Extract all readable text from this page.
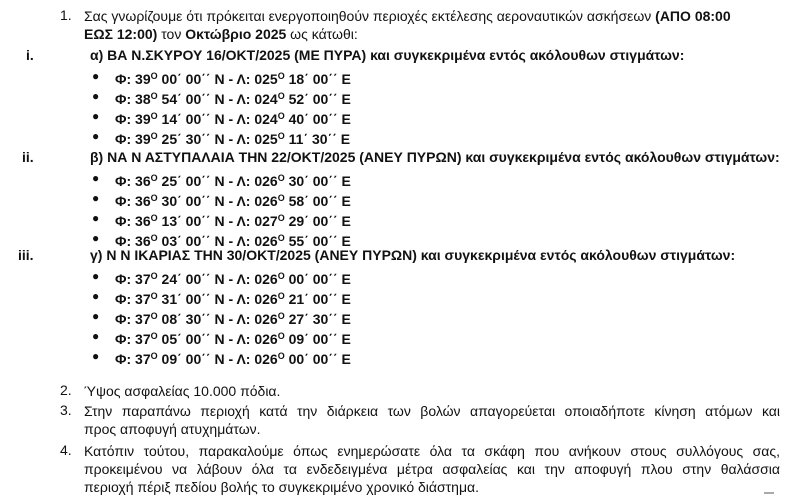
1. Σας γνωρίζουμε ότι πρόκειται ενεργοποιηθούν περιοχές εκτέλεσης αεροναυτικών ασκήσεων (ΑΠΟ 08:00
ΕΩΣ 12:00) τον Οκτώβριο 2025 ως κάτωθι:
i.	α) ΒΑ Ν.ΣΚΥΡΟΥ 16/ΟΚΤ/2025 (ΜΕ ΠΥΡΑ) και συγκεκριμένα εντός ακόλουθων στιγμάτων:
● Φ: $39^O$ 00΄ 00΄΄ Ν - Λ: $025^O$ 18΄ 00΄΄ Ε
● Φ: $38^O$ 54΄ 00΄΄ Ν - Λ: $024^O$ 52΄ 00΄΄ Ε
● Φ: $39^O$ 14΄ 00΄΄ Ν - Λ: $024^O$ 40΄ 00΄΄ Ε
● Φ: $39^O$ 25΄ 30΄΄ Ν - Λ: $025^O$ 11΄ 30΄΄ Ε
ii.	β) ΝΑ Ν ΑΣΤΥΠΑΛΑΙΑ ΤΗΝ 22/ΟΚΤ/2025 (ΑΝΕΥ ΠΥΡΩΝ) και συγκεκριμένα εντός ακόλουθων στιγμάτων:
● Φ: $36^O$ 25΄ 00΄΄ Ν - Λ: $026^O$ 30΄ 00΄΄ Ε
● Φ: $36^O$ 30΄ 00΄΄ Ν - Λ: $026^O$ 58΄ 00΄΄ Ε
● Φ: $36^O$ 13΄ 00΄΄ Ν - Λ: $027^O$ 29΄ 00΄΄ Ε
● Φ: $36^O$ 03΄ 00΄΄ Ν - Λ: $026^O$ 55΄ 00΄΄ Ε
iii.	γ) Ν Ν ΙΚΑΡΙΑΣ ΤΗΝ 30/ΟΚΤ/2025 (ΑΝΕΥ ΠΥΡΩΝ) και συγκεκριμένα εντός ακόλουθων στιγμάτων:
● Φ: $37^O$ 24΄ 00΄΄ Ν - Λ: $026^O$ 00΄ 00΄΄ Ε
● Φ: $37^O$ 31΄ 00΄΄ Ν - Λ: $026^O$ 21΄ 00΄΄ Ε
● Φ: $37^O$ 08΄ 30΄΄ Ν - Λ: $026^O$ 27΄ 30΄΄ Ε
● Φ: $37^O$ 05΄ 00΄΄ Ν - Λ: $026^O$ 09΄ 00΄΄ Ε
● Φ: $37^O$ 09΄ 00΄΄ Ν - Λ: $026^O$ 00΄ 00΄΄ Ε
2. Ύψος ασφαλείας 10.000 πόδια.
3. Στην παραπάνω περιοχή κατά την διάρκεια των βολών απαγορεύεται οποιαδήποτε κίνηση ατόμων και
προς αποφυγή ατυχημάτων.
4. Κατόπιν τούτου, παρακαλούμε όπως ενημερώσατε όλα τα σκάφη που ανήκουν στους συλλόγους σας,
προκειμένου να λάβουν όλα τα ενδεδειγμένα μέτρα ασφαλείας και την αποφυγή πλου στην θαλάσσια
περιοχή πέριξ πεδίου βολής το συγκεκριμένο χρονικό διάστημα.
